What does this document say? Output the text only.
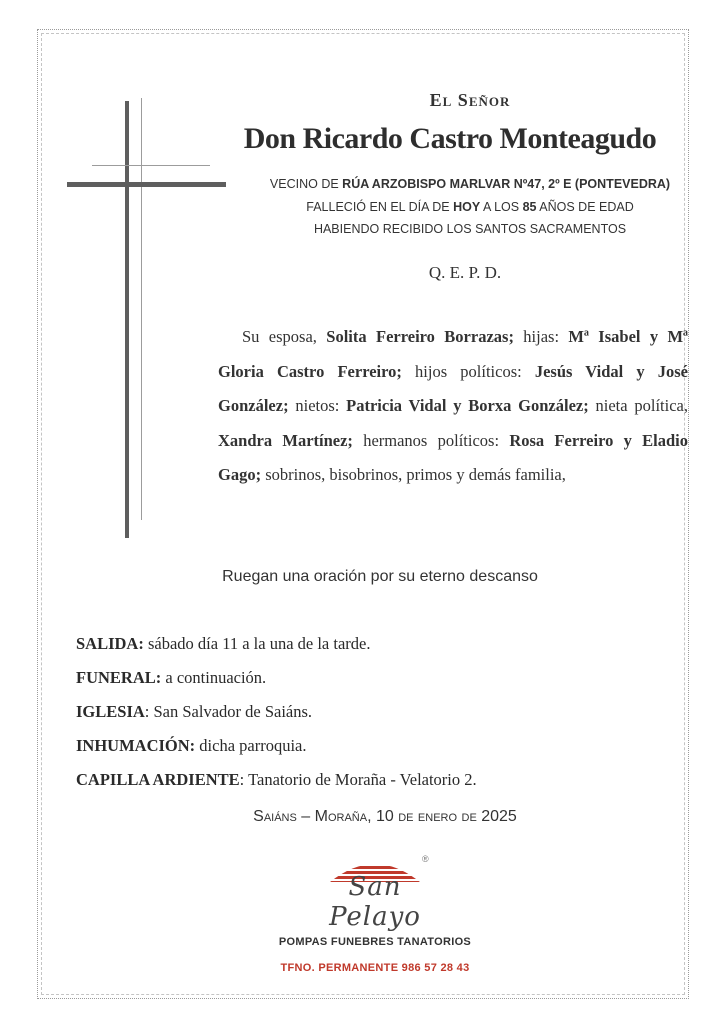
El Señor
Don Ricardo Castro Monteagudo
VECINO DE RÚA ARZOBISPO MARLVAR Nº47, 2º E (PONTEVEDRA)
FALLECIÓ EN EL DÍA DE HOY A LOS 85 AÑOS DE EDAD
HABIENDO RECIBIDO LOS SANTOS SACRAMENTOS
Q. E. P. D.
Su esposa, Solita Ferreiro Borrazas; hijas: Mª Isabel y Mª Gloria Castro Ferreiro; hijos políticos: Jesús Vidal y José González; nietos: Patricia Vidal y Borxa González; nieta política, Xandra Martínez; hermanos políticos: Rosa Ferreiro y Eladio Gago; sobrinos, bisobrinos, primos y demás familia,
Ruegan una oración por su eterno descanso
SALIDA: sábado día 11 a la una de la tarde.
FUNERAL: a continuación.
IGLESIA: San Salvador de Saiáns.
INHUMACIÓN: dicha parroquia.
CAPILLA ARDIENTE: Tanatorio de Moraña - Velatorio 2.
Saiáns – Moraña, 10 de enero de 2025
®
San Pelayo
POMPAS FUNEBRES TANATORIOS
TFNO. PERMANENTE 986 57 28 43
